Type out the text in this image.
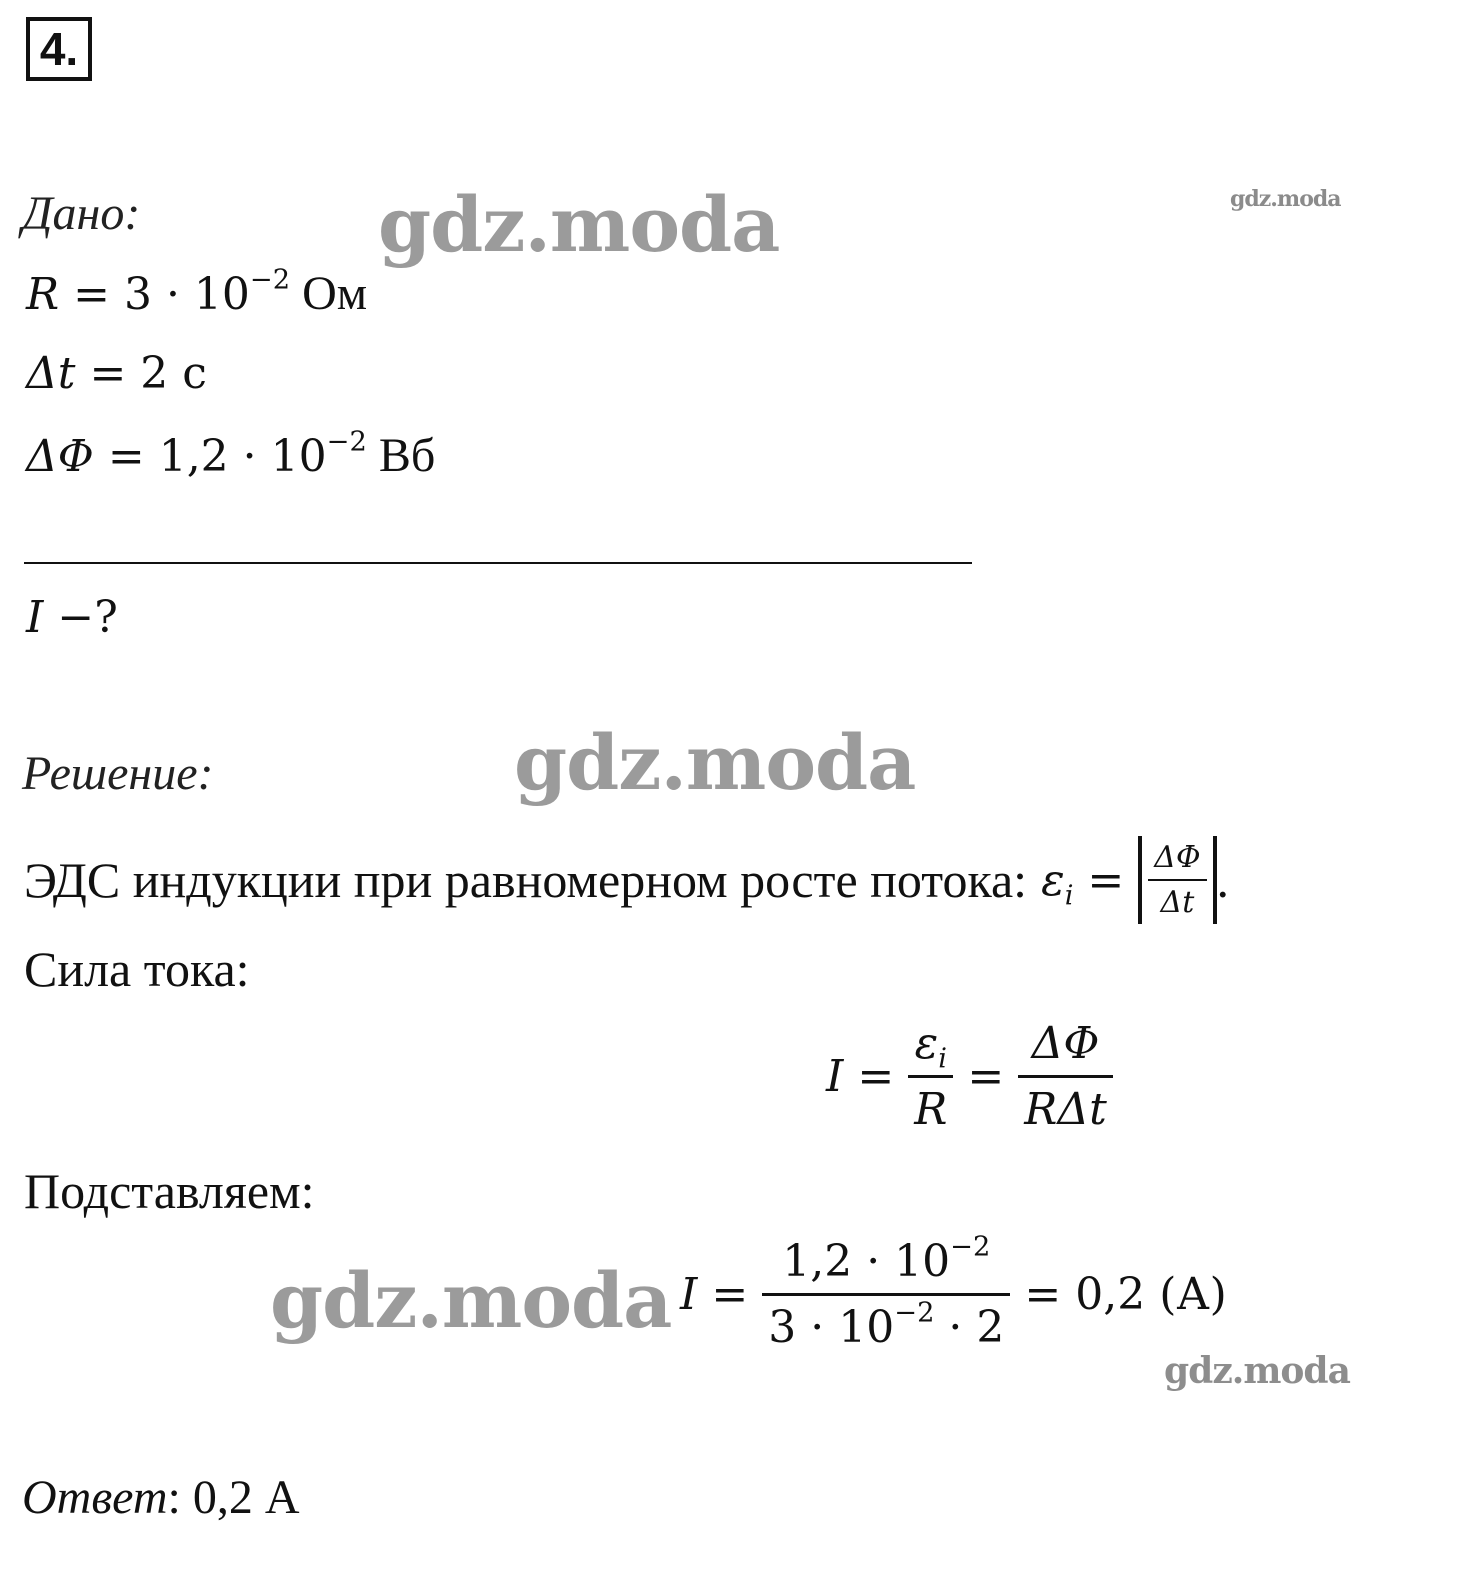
4.
Дано:
$R = 3 \cdot 10^{-2}$ Ом
Δt = 2 с
$\Delta\Phi = 1,2 \cdot 10^{-2}$ Вб
I −?
Решение:
ЭДС индукции при равномерном росте потока: $\varepsilon_i = \frac{\Delta\Phi}{\Delta t}$ .
Сила тока:
$I = \frac{\varepsilon_i}{R} = \frac{\Delta\Phi}{\text{RΔt}}$
Подставляем:
$I = \frac{1,2 \cdot 10^{-2}}{3 \cdot 10^{-2} \cdot 2} = 0,2$ (А)
Ответ: 0,2 А
gdz.moda	gdz.moda
gdz.moda
gdz.moda
gdz.moda
